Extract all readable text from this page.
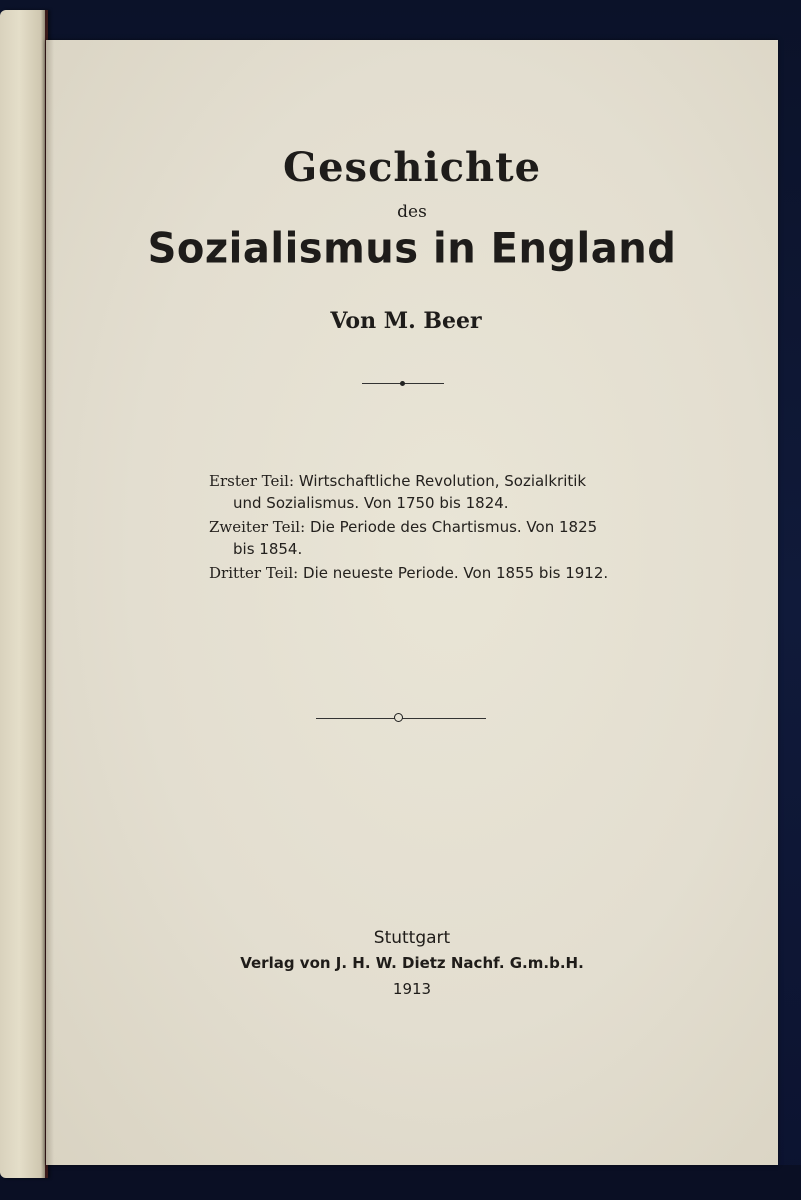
Geschichte
des
Sozialismus in England
Von M. Beer
Erster Teil: Wirtschaftliche Revolution, Sozialkritik
und Sozialismus. Von 1750 bis 1824.
Zweiter Teil: Die Periode des Chartismus. Von 1825
bis 1854.
Dritter Teil: Die neueste Periode. Von 1855 bis 1912.
Stuttgart
Verlag von J. H. W. Dietz Nachf. G.m.b.H.
1913
